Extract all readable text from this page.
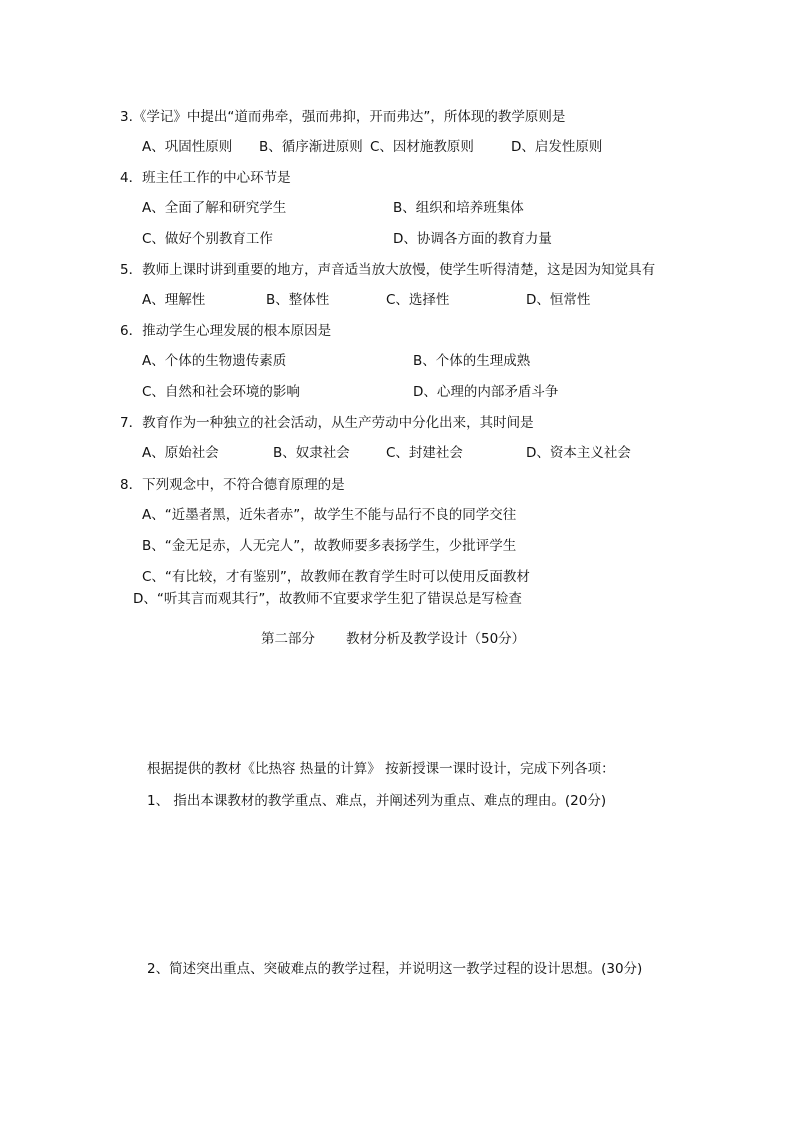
3.《学记》中提出“道而弗牵，强而弗抑，开而弗达”，所体现的教学原则是
A、巩固性原则 B、循序渐进原则 C、因材施教原则	D、启发性原则
4．班主任工作的中心环节是
A、全面了解和研究学生	B、组织和培养班集体
C、做好个别教育工作	D、协调各方面的教育力量
5．教师上课时讲到重要的地方，声音适当放大放慢，使学生听得清楚，这是因为知觉具有
A、理解性	B、整体性	C、选择性	D、恒常性
6．推动学生心理发展的根本原因是
A、个体的生物遗传素质	B、个体的生理成熟
C、自然和社会环境的影响	D、心理的内部矛盾斗争
7．教育作为一种独立的社会活动，从生产劳动中分化出来，其时间是
A、原始社会	B、奴隶社会	C、封建社会	D、资本主义社会
8．下列观念中，不符合德育原理的是
A、“近墨者黑，近朱者赤”，故学生不能与品行不良的同学交往
B、“金无足赤，人无完人”，故教师要多表扬学生，少批评学生
C、“有比较，才有鉴别”，故教师在教育学生时可以使用反面教材
D、“听其言而观其行”，故教师不宜要求学生犯了错误总是写检查
第二部分 教材分析及教学设计（50分）
根据提供的教材《比热容 热量的计算》 按新授课一课时设计，完成下列各项：
1、 指出本课教材的教学重点、难点，并阐述列为重点、难点的理由。(20分)
2、简述突出重点、突破难点的教学过程，并说明这一教学过程的设计思想。(30分)
